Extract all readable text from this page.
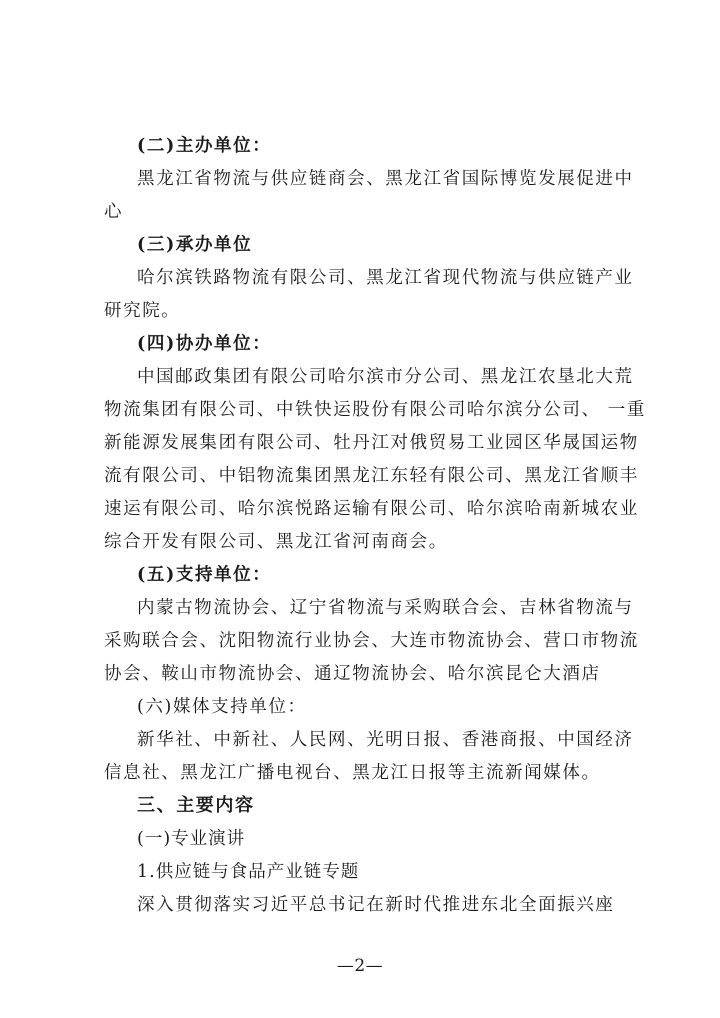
(二)主办单位：
黑龙江省物流与供应链商会、黑龙江省国际博览发展促进中
心
(三)承办单位
哈尔滨铁路物流有限公司、黑龙江省现代物流与供应链产业
研究院。
(四)协办单位：
中国邮政集团有限公司哈尔滨市分公司、黑龙江农垦北大荒
物流集团有限公司、中铁快运股份有限公司哈尔滨分公司、 一重
新能源发展集团有限公司、牡丹江对俄贸易工业园区华晟国运物
流有限公司、中铝物流集团黑龙江东轻有限公司、黑龙江省顺丰
速运有限公司、哈尔滨悦路运输有限公司、哈尔滨哈南新城农业
综合开发有限公司、黑龙江省河南商会。
(五)支持单位：
内蒙古物流协会、辽宁省物流与采购联合会、吉林省物流与
采购联合会、沈阳物流行业协会、大连市物流协会、营口市物流
协会、鞍山市物流协会、通辽物流协会、哈尔滨昆仑大酒店
(六)媒体支持单位：
新华社、中新社、人民网、光明日报、香港商报、中国经济
信息社、黑龙江广播电视台、黑龙江日报等主流新闻媒体。
三、主要内容
(一)专业演讲
1.供应链与食品产业链专题
深入贯彻落实习近平总书记在新时代推进东北全面振兴座
—2—
